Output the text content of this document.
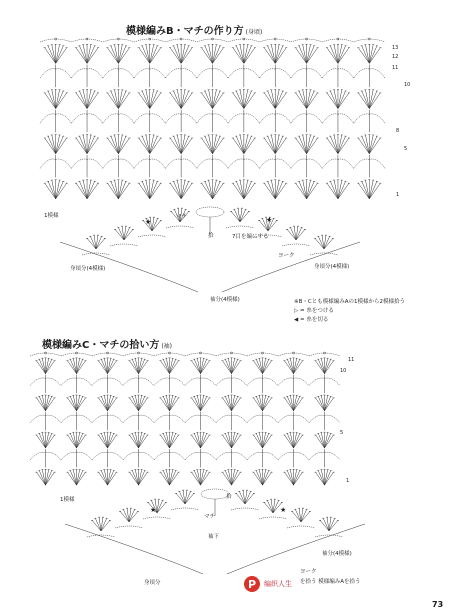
★	★
★	★
模様編みB・マチの作り方 (身頃)
13
12
11
10
8
5
1
1模様	マチ
拾	7目を編にする
身頃分(4模様)	身頃分(4模様)
ヨーク
袖分(4模様)	※B・Cとも模様編みAの1模様から2模様拾う
▷ = 糸をつける
◀ = 糸を切る
模様編みC・マチの拾い方 (袖)
11
10
5
1
1模様	拾
マチ
袖下
身頃分
袖分(4模様)
ヨーク
を拾う 模様編みAを拾う
P	编织人生
73
